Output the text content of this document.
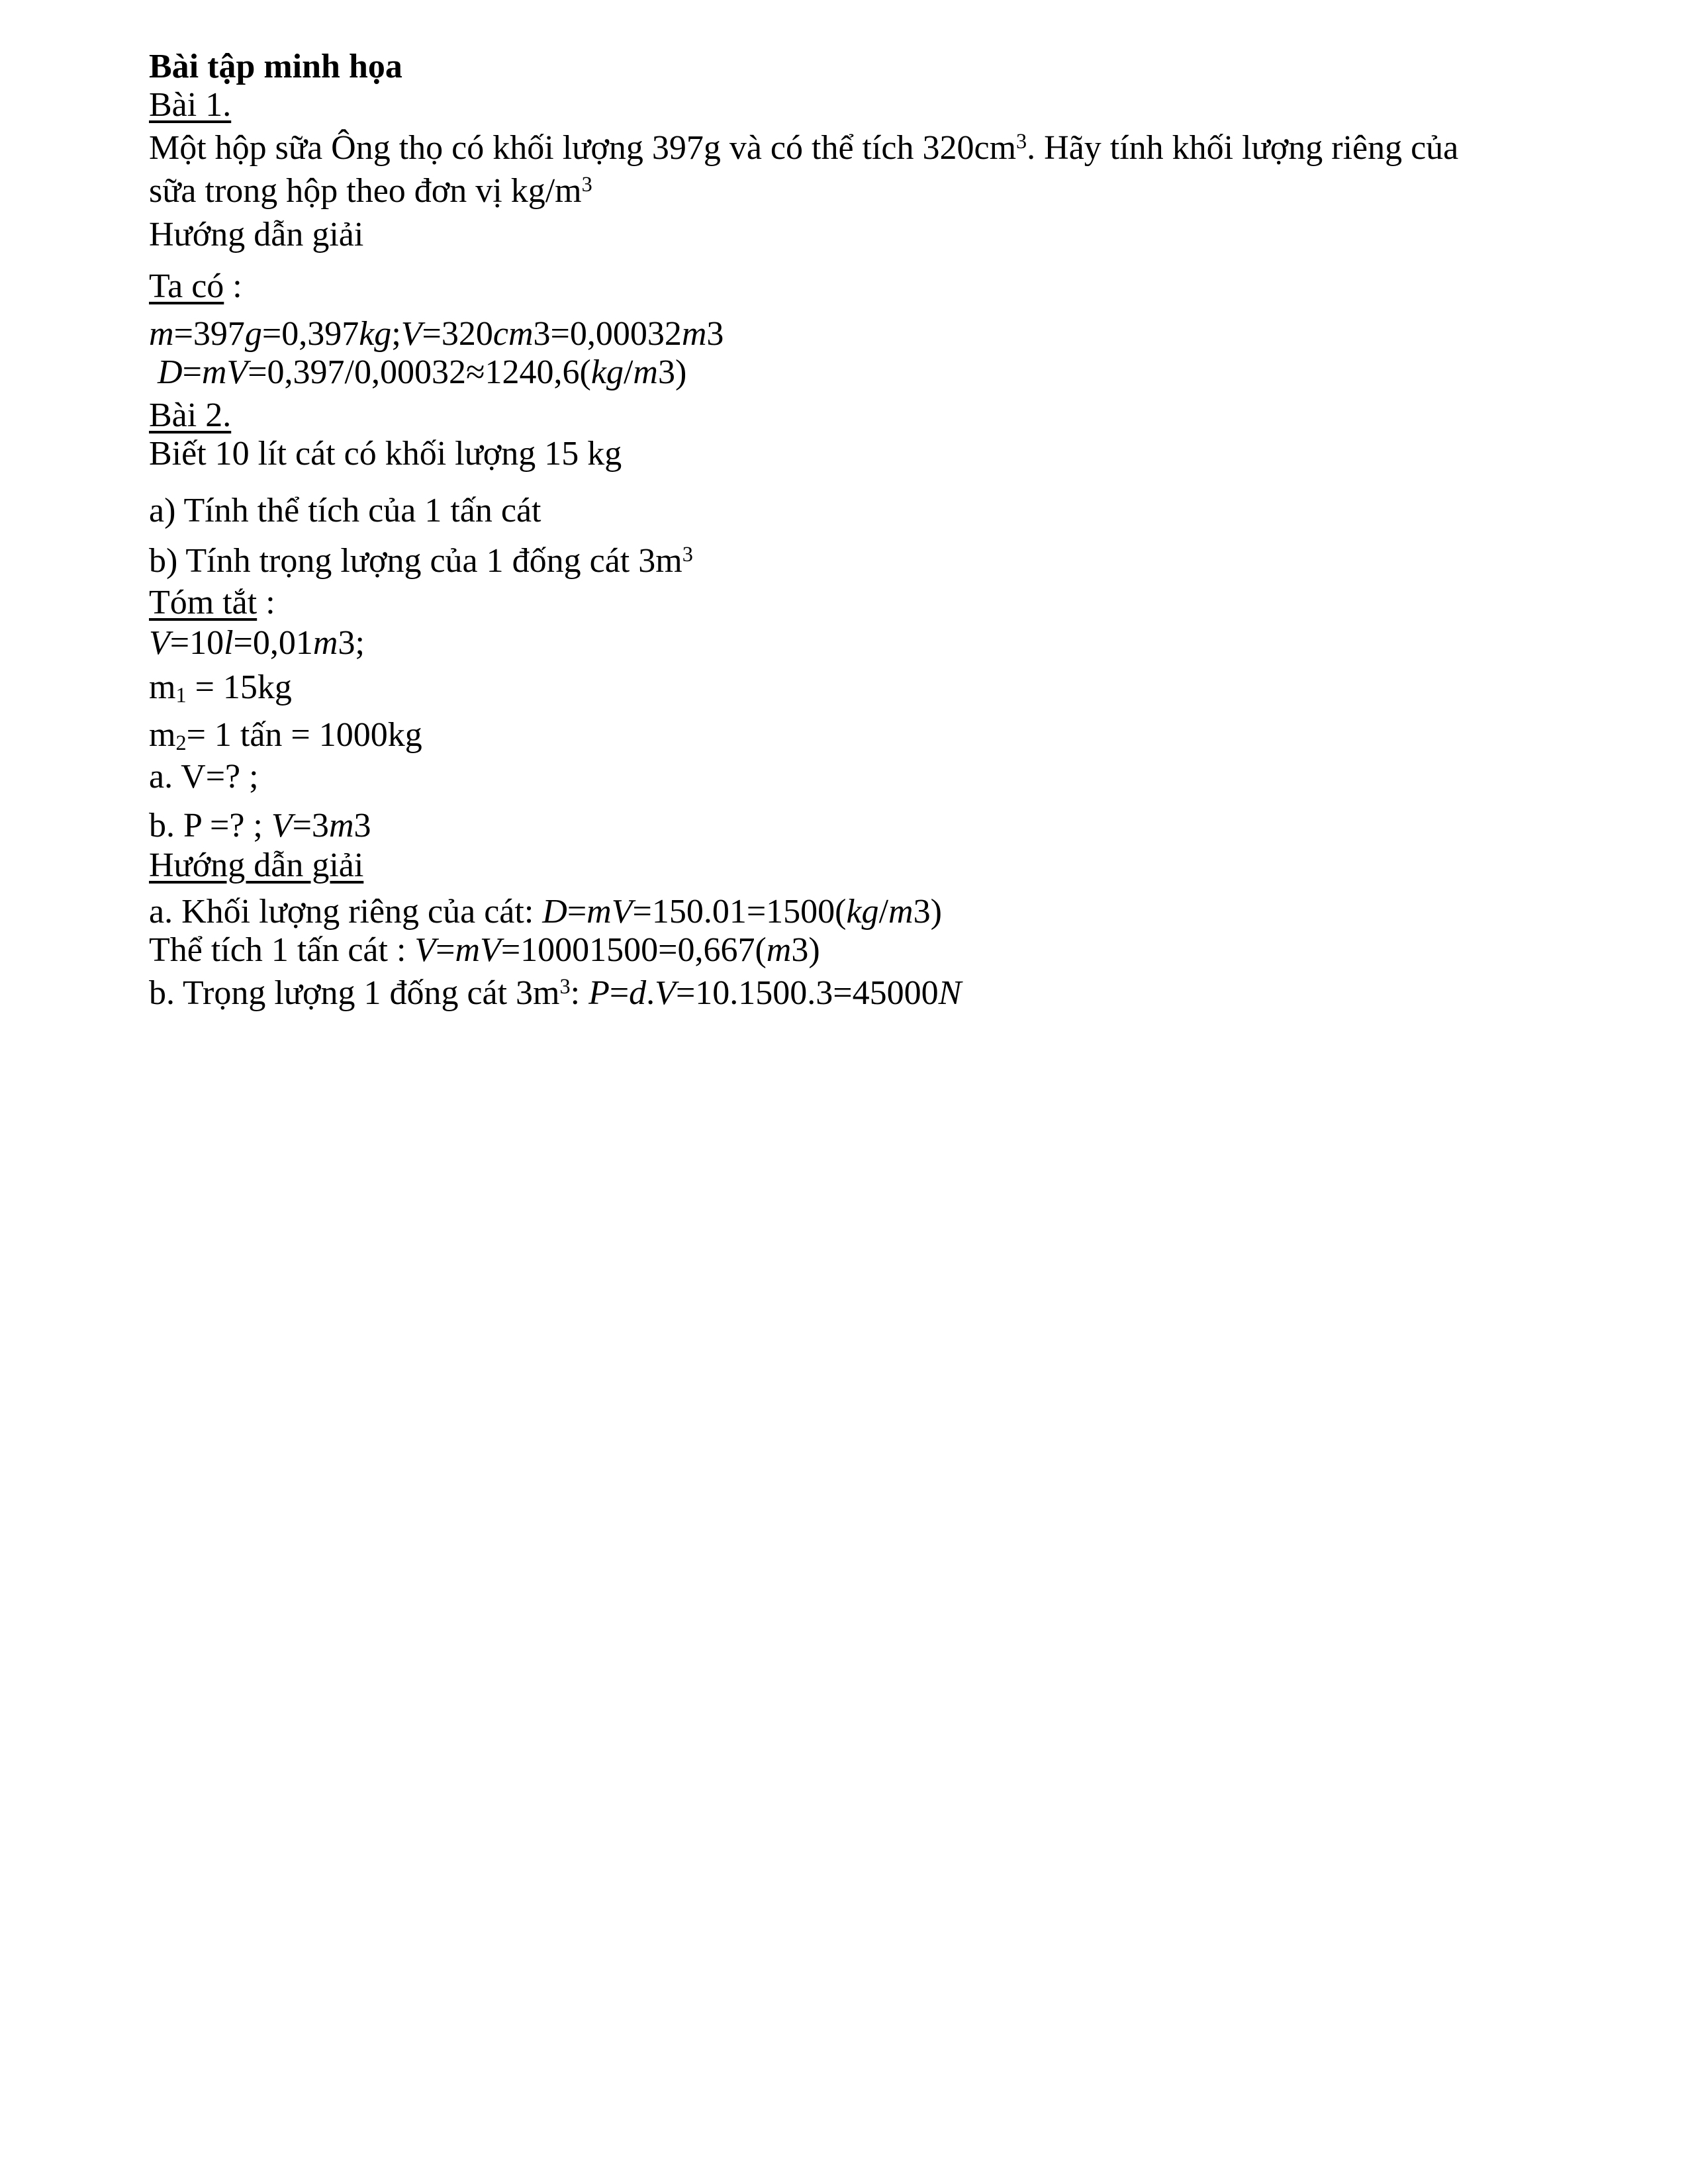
Bài tập minh họa
Bài 1.
Một hộp sữa Ông thọ có khối lượng 397g và có thể tích $320cm^3$. Hãy tính khối lượng riêng của
sữa trong hộp theo đơn vị $kg/m^3$
Hướng dẫn giải
Ta có :
m=397g=0,397kg;V=320cm3=0,00032m3
D=mV=0,397/0,00032≈1240,6(kg/m3)
Bài 2.
Biết 10 lít cát có khối lượng 15 kg
a) Tính thể tích của 1 tấn cát
b) Tính trọng lượng của 1 đống cát $3m^3$
Tóm tắt :
V=10l=0,01m3;
m1 = 15kg
m2= 1 tấn = 1000kg
a. V=? ;
b. P =? ; V=3m3
Hướng dẫn giải
a. Khối lượng riêng của cát: D=mV=150.01=1500(kg/m3)
Thể tích 1 tấn cát : V=mV=10001500=0,667(m3)
b. Trọng lượng 1 đống cát $3m^3$: P=d.V=10.1500.3=45000N
